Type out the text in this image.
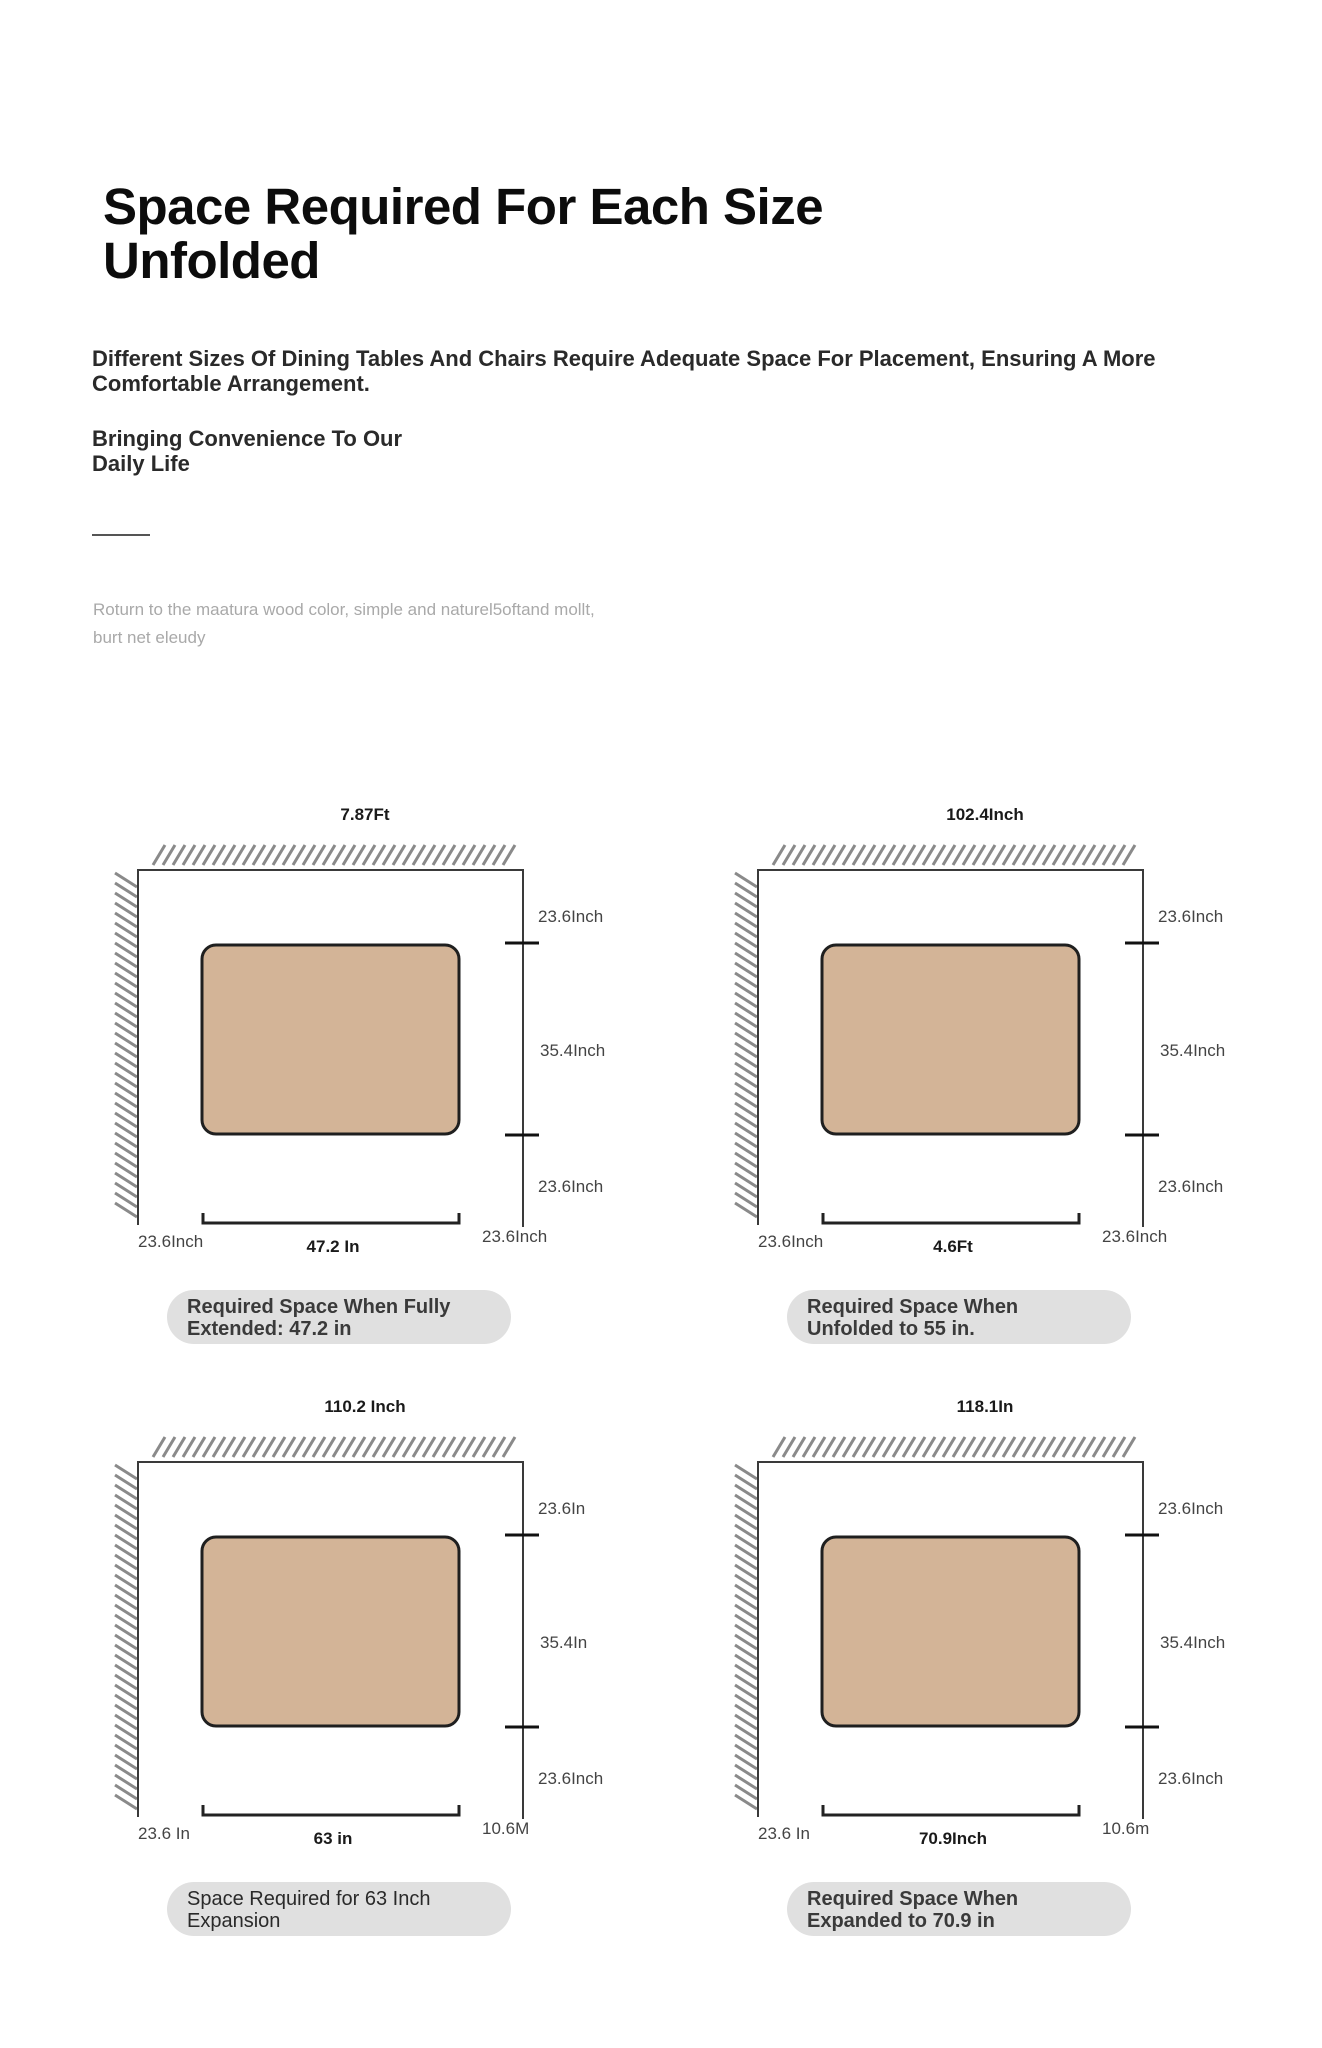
Space Required For Each Size
Unfolded

Different Sizes Of Dining Tables And Chairs Require Adequate Space For Placement, Ensuring A More Comfortable Arrangement.

Bringing Convenience To Our
Daily Life

Roturn to the maatura wood color, simple and naturel5oftand mollt,
burt net eleudy

7.87Ft
23.6Inch
35.4Inch
23.6Inch
23.6Inch	47.2 In
23.6Inch
Required Space When Fully
Extended: 47.2 in
102.4Inch
23.6Inch
35.4Inch
23.6Inch
23.6Inch	4.6Ft
23.6Inch
Required Space When
Unfolded to 55 in.
110.2 Inch
23.6In
35.4In
23.6Inch
23.6 In	63 in
10.6M
Space Required for 63 Inch
Expansion
118.1In
23.6Inch
35.4Inch
23.6Inch
23.6 In	70.9Inch
10.6m
Required Space When
Expanded to 70.9 in
